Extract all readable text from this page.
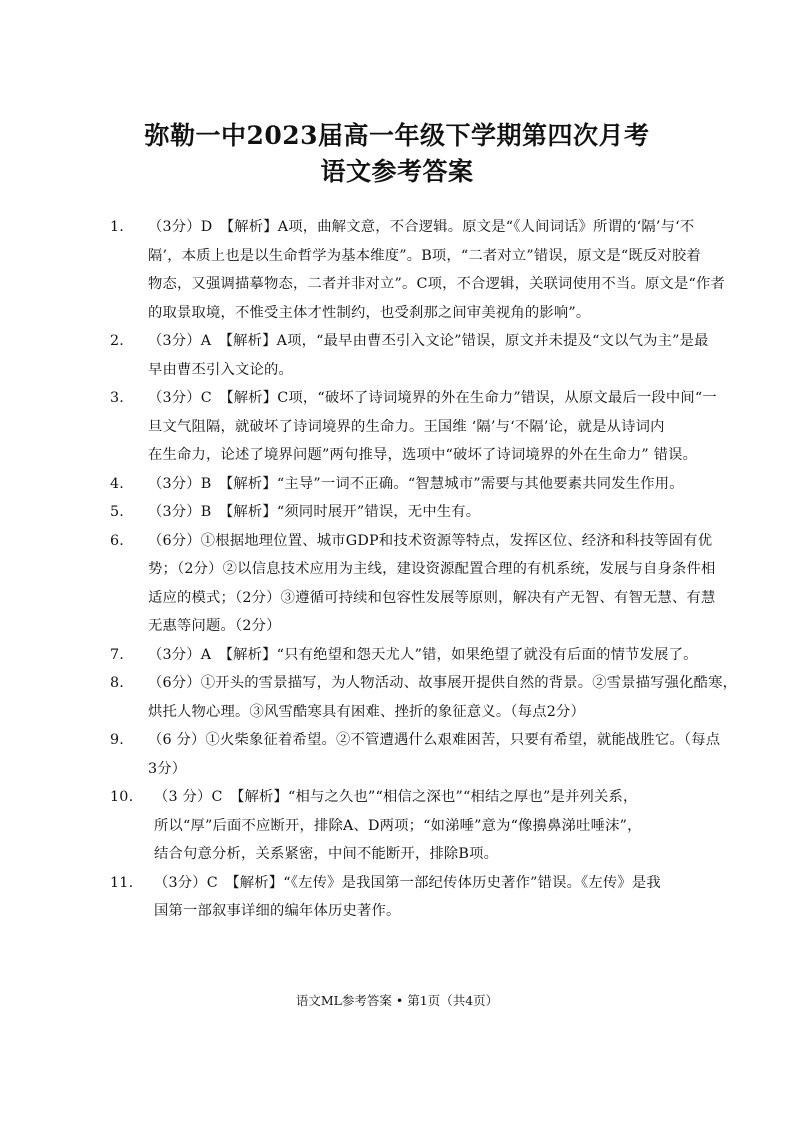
弥勒一中2023届高一年级下学期第四次月考
语文参考答案
1.	（3分）D　【解析】A项，曲解文意，不合逻辑。原文是“《人间词话》所谓的‘隔’与‘不
隔’，本质上也是以生命哲学为基本维度”。B项，“二者对立”错误，原文是“既反对胶着
物态，又强调描摹物态，二者并非对立”。C项，不合逻辑，关联词使用不当。原文是“作者
的取景取境，不惟受主体才性制约，也受刹那之间审美视角的影响”。
2.	（3分）A　【解析】A项，“最早由曹丕引入文论”错误，原文并未提及“文以气为主”是最
早由曹丕引入文论的。
3.	（3分）C　【解析】C项，“破坏了诗词境界的外在生命力”错误，从原文最后一段中间“一
旦文气阻隔，就破坏了诗词境界的生命力。王国维 ‘隔’与‘不隔’论，就是从诗词内
在生命力，论述了境界问题”两句推导，选项中“破坏了诗词境界的外在生命力” 错误。
4.	（3分）B　【解析】“主导”一词不正确。“智慧城市”需要与其他要素共同发生作用。
5.	（3分）B　【解析】“须同时展开”错误，无中生有。
6.	（6分）①根据地理位置、城市GDP和技术资源等特点，发挥区位、经济和科技等固有优
势；（2分）②以信息技术应用为主线，建设资源配置合理的有机系统，发展与自身条件相
适应的模式；（2分）③遵循可持续和包容性发展等原则，解决有产无智、有智无慧、有慧
无惠等问题。（2分）
7.	（3分）A　【解析】“只有绝望和怨天尤人”错，如果绝望了就没有后面的情节发展了。
8.	（6分）①开头的雪景描写，为人物活动、故事展开提供自然的背景。②雪景描写强化酷寒，
烘托人物心理。③风雪酷寒具有困难、挫折的象征意义。（每点2分）
9.	（6 分）①火柴象征着希望。②不管遭遇什么艰难困苦，只要有希望，就能战胜它。（每点
3分）
10.	（3 分）C　【解析】“相与之久也”“相信之深也”“相结之厚也”是并列关系，
所以“厚”后面不应断开，排除A、D两项；“如涕唾”意为“像擤鼻涕吐唾沫”，
结合句意分析，关系紧密，中间不能断开，排除B项。
11.	（3分）C　【解析】“《左传》是我国第一部纪传体历史著作”错误。《左传》是我
国第一部叙事详细的编年体历史著作。
语文ML参考答案 • 第1页（共4页）
